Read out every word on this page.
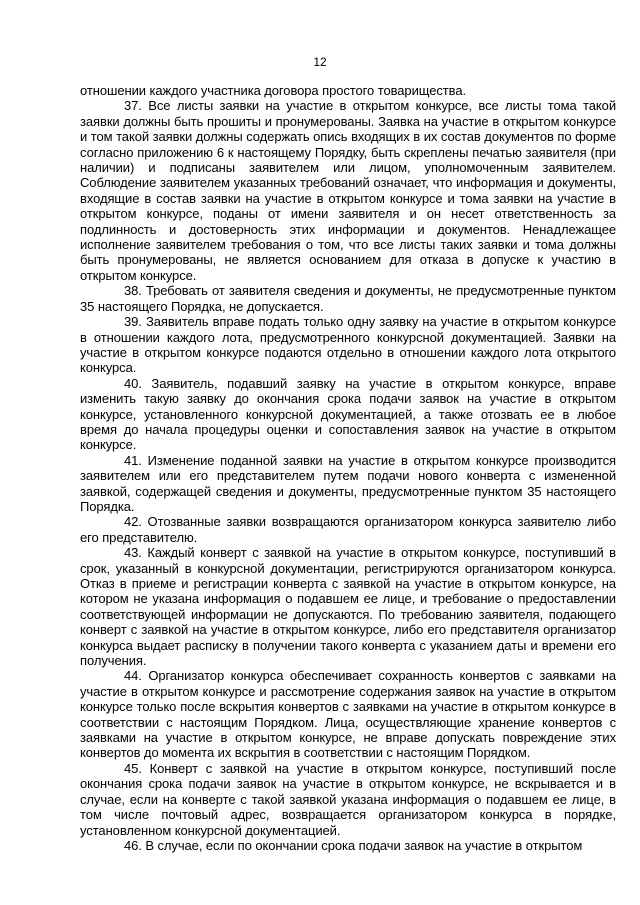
12

отношении каждого участника договора простого товарищества.

37. Все листы заявки на участие в открытом конкурсе, все листы тома такой заявки должны быть прошиты и пронумерованы. Заявка на участие в открытом конкурсе и том такой заявки должны содержать опись входящих в их состав документов по форме согласно приложению 6 к настоящему Порядку, быть скреплены печатью заявителя (при наличии) и подписаны заявителем или лицом, уполномоченным заявителем. Соблюдение заявителем указанных требований означает, что информация и документы, входящие в состав заявки на участие в открытом конкурсе и тома заявки на участие в открытом конкурсе, поданы от имени заявителя и он несет ответственность за подлинность и достоверность этих информации и документов. Ненадлежащее исполнение заявителем требования о том, что все листы таких заявки и тома должны быть пронумерованы, не является основанием для отказа в допуске к участию в открытом конкурсе.

38. Требовать от заявителя сведения и документы, не предусмотренные пунктом 35 настоящего Порядка, не допускается.

39. Заявитель вправе подать только одну заявку на участие в открытом конкурсе в отношении каждого лота, предусмотренного конкурсной документацией. Заявки на участие в открытом конкурсе подаются отдельно в отношении каждого лота открытого конкурса.

40. Заявитель, подавший заявку на участие в открытом конкурсе, вправе изменить такую заявку до окончания срока подачи заявок на участие в открытом конкурсе, установленного конкурсной документацией, а также отозвать ее в любое время до начала процедуры оценки и сопоставления заявок на участие в открытом конкурсе.

41. Изменение поданной заявки на участие в открытом конкурсе производится заявителем или его представителем путем подачи нового конверта с измененной заявкой, содержащей сведения и документы, предусмотренные пунктом 35 настоящего Порядка.

42. Отозванные заявки возвращаются организатором конкурса заявителю либо его представителю.

43. Каждый конверт с заявкой на участие в открытом конкурсе, поступивший в срок, указанный в конкурсной документации, регистрируются организатором конкурса. Отказ в приеме и регистрации конверта с заявкой на участие в открытом конкурсе, на котором не указана информация о подавшем ее лице, и требование о предоставлении соответствующей информации не допускаются. По требованию заявителя, подающего конверт с заявкой на участие в открытом конкурсе, либо его представителя организатор конкурса выдает расписку в получении такого конверта с указанием даты и времени его получения.

44. Организатор конкурса обеспечивает сохранность конвертов с заявками на участие в открытом конкурсе и рассмотрение содержания заявок на участие в открытом конкурсе только после вскрытия конвертов с заявками на участие в открытом конкурсе в соответствии с настоящим Порядком. Лица, осуществляющие хранение конвертов с заявками на участие в открытом конкурсе, не вправе допускать повреждение этих конвертов до момента их вскрытия в соответствии с настоящим Порядком.

45. Конверт с заявкой на участие в открытом конкурсе, поступивший после окончания срока подачи заявок на участие в открытом конкурсе, не вскрывается и в случае, если на конверте с такой заявкой указана информация о подавшем ее лице, в том числе почтовый адрес, возвращается организатором конкурса в порядке, установленном конкурсной документацией.

46. В случае, если по окончании срока подачи заявок на участие в открытом
